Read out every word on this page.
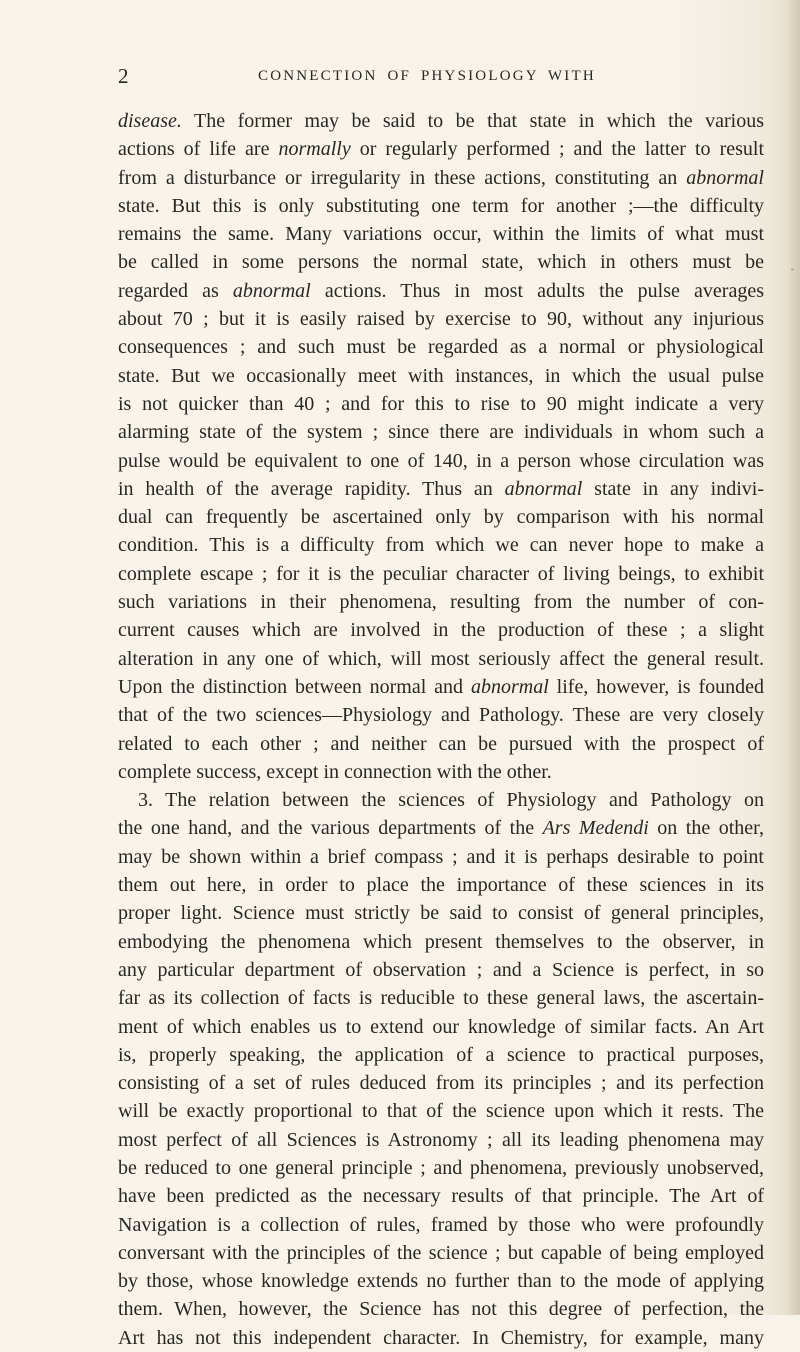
2	CONNECTION OF PHYSIOLOGY WITH
disease. The former may be said to be that state in which the various
actions of life are normally or regularly performed ; and the latter to result
from a disturbance or irregularity in these actions, constituting an abnormal
state. But this is only substituting one term for another ;—the difficulty
remains the same. Many variations occur, within the limits of what must
be called in some persons the normal state, which in others must be
regarded as abnormal actions. Thus in most adults the pulse averages
about 70 ; but it is easily raised by exercise to 90, without any injurious
consequences ; and such must be regarded as a normal or physiological
state. But we occasionally meet with instances, in which the usual pulse
is not quicker than 40 ; and for this to rise to 90 might indicate a very
alarming state of the system ; since there are individuals in whom such a
pulse would be equivalent to one of 140, in a person whose circulation was
in health of the average rapidity. Thus an abnormal state in any indivi-
dual can frequently be ascertained only by comparison with his normal
condition. This is a difficulty from which we can never hope to make a
complete escape ; for it is the peculiar character of living beings, to exhibit
such variations in their phenomena, resulting from the number of con-
current causes which are involved in the production of these ; a slight
alteration in any one of which, will most seriously affect the general result.
Upon the distinction between normal and abnormal life, however, is founded
that of the two sciences—Physiology and Pathology. These are very closely
related to each other ; and neither can be pursued with the prospect of
complete success, except in connection with the other.
3. The relation between the sciences of Physiology and Pathology on
the one hand, and the various departments of the Ars Medendi on the other,
may be shown within a brief compass ; and it is perhaps desirable to point
them out here, in order to place the importance of these sciences in its
proper light. Science must strictly be said to consist of general principles,
embodying the phenomena which present themselves to the observer, in
any particular department of observation ; and a Science is perfect, in so
far as its collection of facts is reducible to these general laws, the ascertain-
ment of which enables us to extend our knowledge of similar facts. An Art
is, properly speaking, the application of a science to practical purposes,
consisting of a set of rules deduced from its principles ; and its perfection
will be exactly proportional to that of the science upon which it rests. The
most perfect of all Sciences is Astronomy ; all its leading phenomena may
be reduced to one general principle ; and phenomena, previously unobserved,
have been predicted as the necessary results of that principle. The Art of
Navigation is a collection of rules, framed by those who were profoundly
conversant with the principles of the science ; but capable of being employed
by those, whose knowledge extends no further than to the mode of applying
them. When, however, the Science has not this degree of perfection, the
Art has not this independent character. In Chemistry, for example, many
